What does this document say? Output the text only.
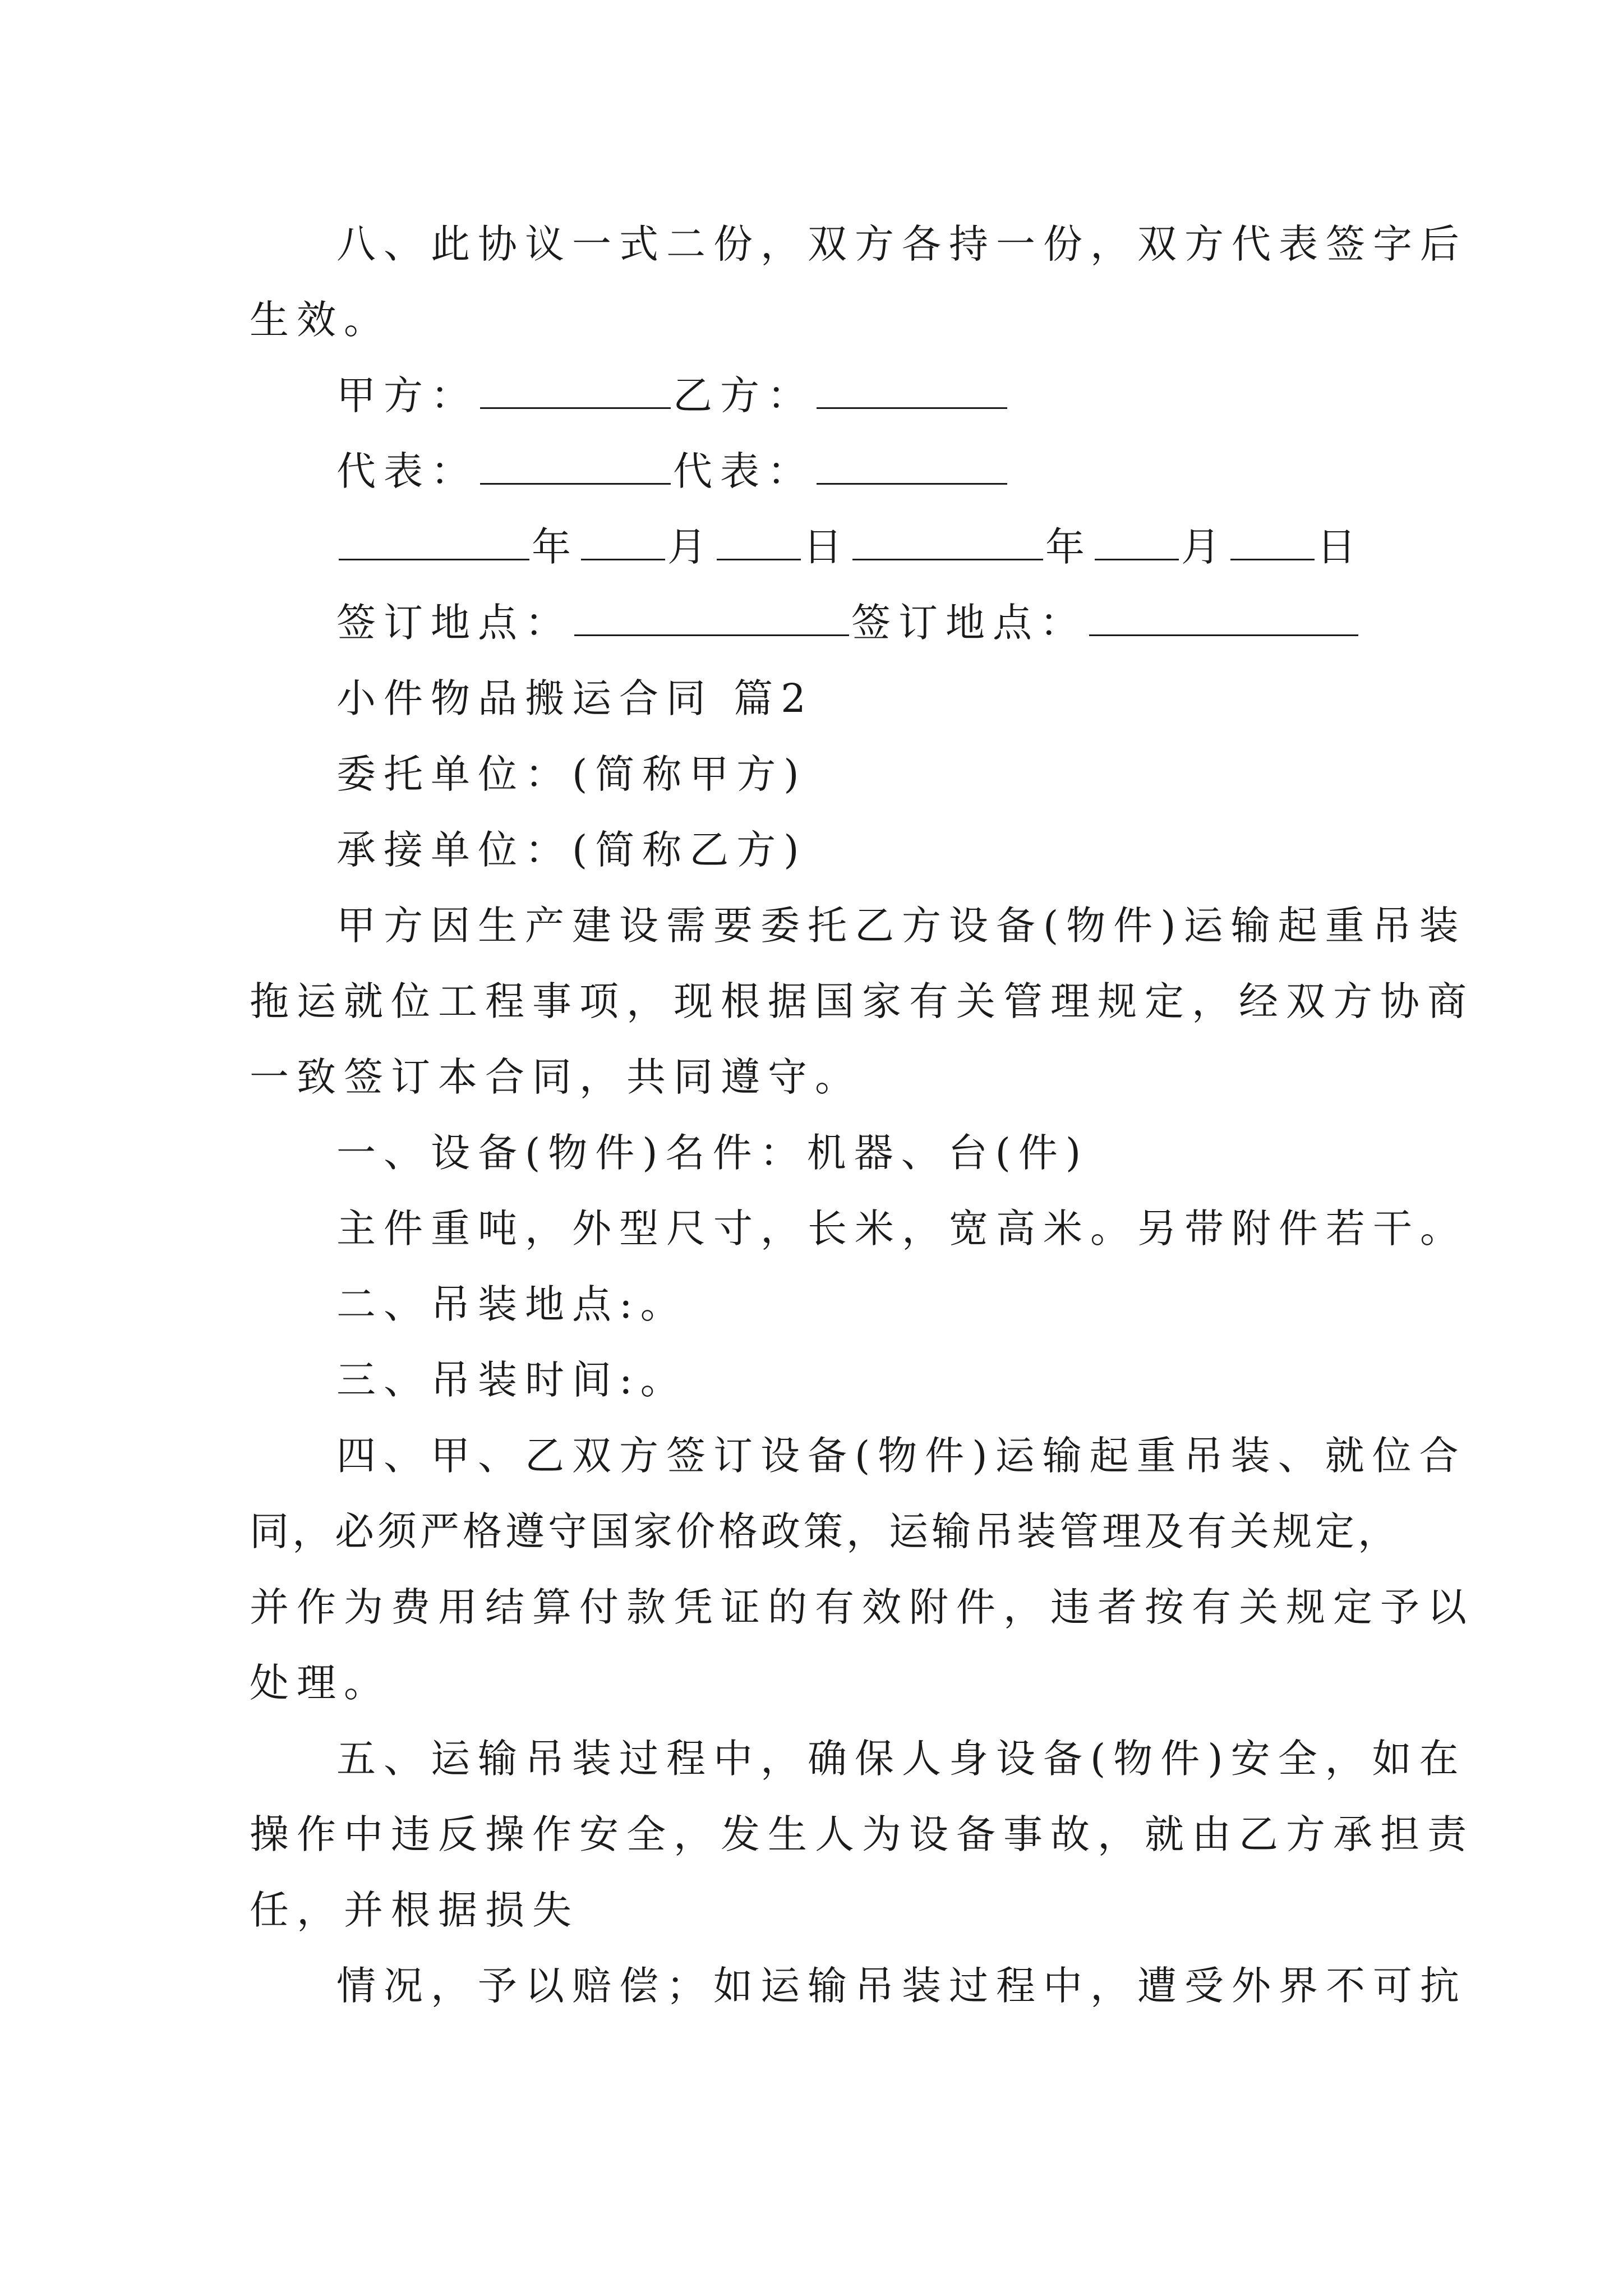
八、此协议一式二份，双方各持一份，双方代表签字后
生效。
甲方：	乙方：
代表：	代表：
年 月 日	年 月 日
签订地点：	签订地点：
小件物品搬运合同 篇2
委托单位：(简称甲方)
承接单位：(简称乙方)
甲方因生产建设需要委托乙方设备(物件)运输起重吊装
拖运就位工程事项，现根据国家有关管理规定，经双方协商
一致签订本合同，共同遵守。
一、设备(物件)名件：机器、台(件)
主件重吨，外型尺寸，长米，宽高米。另带附件若干。
二、吊装地点:。
三、吊装时间:。
四、甲、乙双方签订设备(物件)运输起重吊装、就位合
同，必须严格遵守国家价格政策，运输吊装管理及有关规定，
并作为费用结算付款凭证的有效附件，违者按有关规定予以
处理。
五、运输吊装过程中，确保人身设备(物件)安全，如在
操作中违反操作安全，发生人为设备事故，就由乙方承担责
任，并根据损失
情况，予以赔偿；如运输吊装过程中，遭受外界不可抗
